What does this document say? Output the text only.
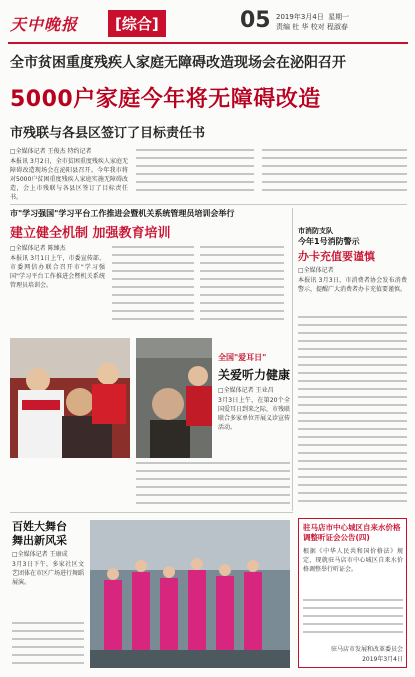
天中晚报	[综合]	05 2019年3月4日 星期一
责编 杜 华 校对 程淑春
全市贫困重度残疾人家庭无障碍改造现场会在泌阳召开
5000户家庭今年将无障碍改造
市残联与各县区签订了目标责任书
□全媒体记者 王俊杰 特约记者
本报讯 3月2日，全市贫困重度残疾人家庭无障碍改造现场会在泌阳县召开。今年我市将对5000户贫困重度残疾人家庭实施无障碍改造，会上市残联与各县区签订了目标责任书。
市"学习强国"学习平台工作推进会暨机关系统管理员培训会举行
建立健全机制 加强教育培训
□全媒体记者 陈臻杰
本报讯 3月1日上午，市委宣传部、市委网信办联合召开市"学习强国"学习平台工作推进会暨机关系统管理员培训会。
市消防支队
今年1号消防警示
办卡充值要谨慎
□全媒体记者
本报讯 3月3日，市消费者协会发布消费警示，提醒广大消费者办卡充值要谨慎。
全国"爱耳日"
关爱听力健康
□全媒体记者 王业昌
3月3日上午，在第20个全国爱耳日到来之际，市残联联合多家单位开展义诊宣传活动。
百姓大舞台
舞出新风采
□全媒体记者 王康成
3月3日下午，多家社区文艺团体在市区广场进行舞蹈展演。
驻马店市中心城区自来水价格调整听证会公告(四)
根据《中华人民共和国价格法》规定，现就驻马店市中心城区自来水价格调整举行听证会。
驻马店市发展和改革委员会
2019年3月4日
